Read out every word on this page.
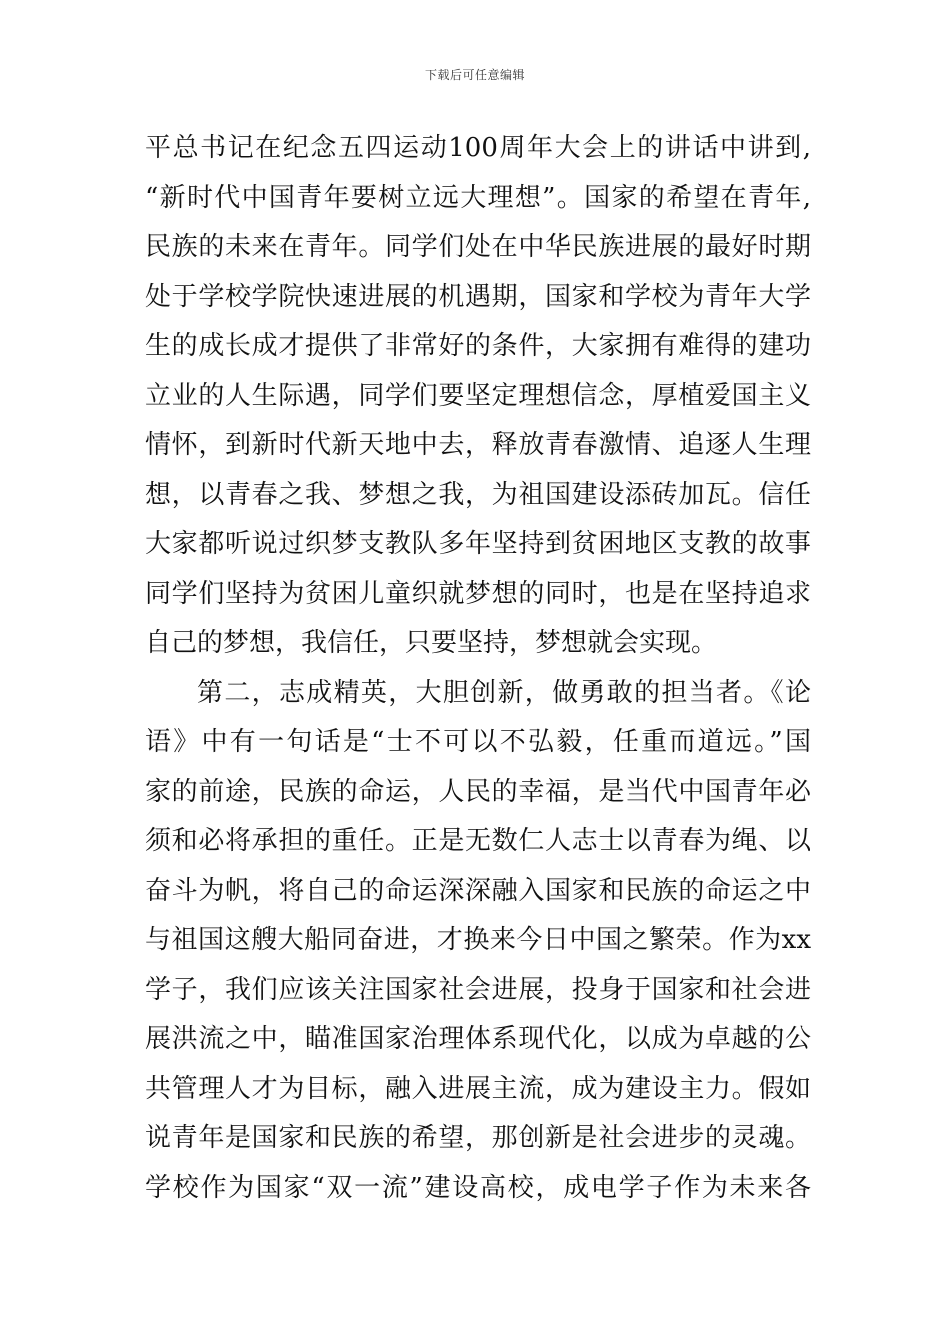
下载后可任意编辑
平总书记在纪念五四运动100周年大会上的讲话中讲到,
“新时代中国青年要树立远大理想”。国家的希望在青年,
民族的未来在青年。同学们处在中华民族进展的最好时期
处于学校学院快速进展的机遇期，国家和学校为青年大学
生的成长成才提供了非常好的条件，大家拥有难得的建功
立业的人生际遇，同学们要坚定理想信念，厚植爱国主义
情怀，到新时代新天地中去，释放青春激情、追逐人生理
想，以青春之我、梦想之我，为祖国建设添砖加瓦。信任
大家都听说过织梦支教队多年坚持到贫困地区支教的故事
同学们坚持为贫困儿童织就梦想的同时，也是在坚持追求
自己的梦想，我信任，只要坚持，梦想就会实现。
第二，志成精英，大胆创新，做勇敢的担当者。《论
语》中有一句话是“士不可以不弘毅，任重而道远。”国
家的前途，民族的命运，人民的幸福，是当代中国青年必
须和必将承担的重任。正是无数仁人志士以青春为绳、以
奋斗为帆，将自己的命运深深融入国家和民族的命运之中
与祖国这艘大船同奋进，才换来今日中国之繁荣。作为xx
学子，我们应该关注国家社会进展，投身于国家和社会进
展洪流之中，瞄准国家治理体系现代化，以成为卓越的公
共管理人才为目标，融入进展主流，成为建设主力。假如
说青年是国家和民族的希望，那创新是社会进步的灵魂。
学校作为国家“双一流”建设高校，成电学子作为未来各
